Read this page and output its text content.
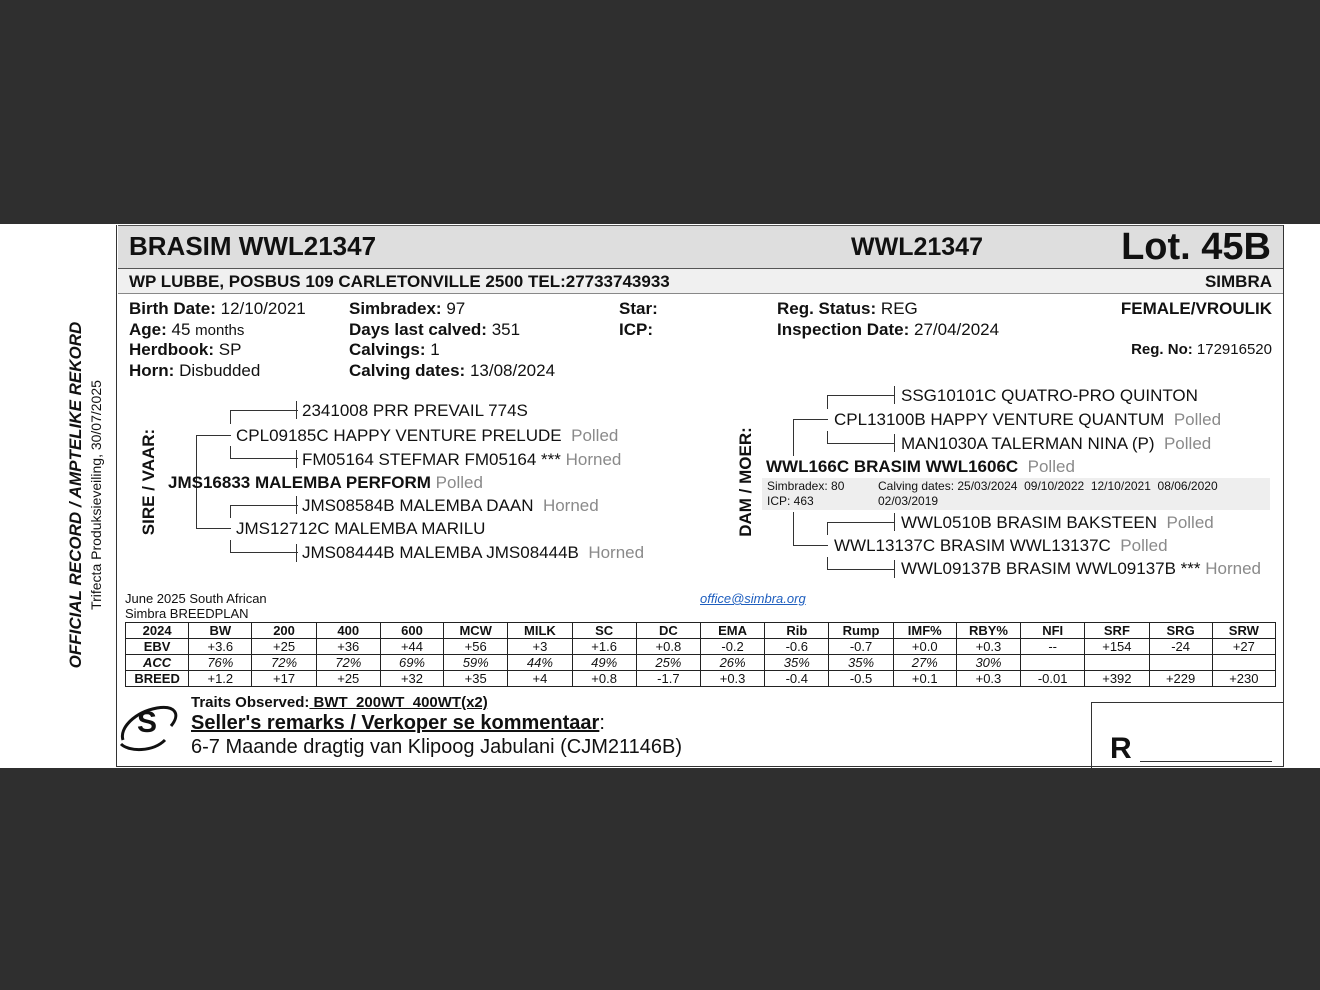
OFFICIAL RECORD / AMPTELIKE REKORD Trifecta Produksieveiling, 30/07/2025
BRASIM WWL21347	WWL21347	Lot. 45B
WP LUBBE, POSBUS 109 CARLETONVILLE 2500 TEL:27733743933	SIMBRA
Birth Date: 12/10/2021
Age: 45 months
Herdbook: SP
Horn: Disbudded
Simbradex: 97
Days last calved: 351
Calvings: 1
Calving dates: 13/08/2024
Star:
ICP:
Reg. Status: REG
Inspection Date: 27/04/2024
FEMALE/VROULIK
Reg. No: 172916520
SIRE / VAAR:
2341008 PRR PREVAIL 774S
CPL09185C HAPPY VENTURE PRELUDE Polled
FM05164 STEFMAR FM05164 *** Horned
JMS16833 MALEMBA PERFORM Polled
JMS08584B MALEMBA DAAN Horned
JMS12712C MALEMBA MARILU
JMS08444B MALEMBA JMS08444B Horned
DAM / MOER:
SSG10101C QUATRO-PRO QUINTON
CPL13100B HAPPY VENTURE QUANTUM Polled
MAN1030A TALERMAN NINA (P) Polled
WWL166C BRASIM WWL1606C Polled
Simbradex: 80
ICP: 463
Calving dates: 25/03/2024  09/10/2022  12/10/2021  08/06/2020
02/03/2019
WWL0510B BRASIM BAKSTEEN Polled
WWL13137C BRASIM WWL13137C Polled
WWL09137B BRASIM WWL09137B *** Horned
June 2025 South African
Simbra BREEDPLAN
office@simbra.org
2024	BW	200	400	600	MCW	MILK	SC	DC	EMA	Rib	Rump	IMF%	RBY%	NFI	SRF	SRG	SRW
EBV	+3.6	+25	+36	+44	+56	+3	+1.6	+0.8	-0.2	-0.6	-0.7	+0.0	+0.3	--	+154	-24	+27
ACC	76%	72%	72%	69%	59%	44%	49%	25%	26%	35%	35%	27%	30%				
BREED	+1.2	+17	+25	+32	+35	+4	+0.8	-1.7	+0.3	-0.4	-0.5	+0.1	+0.3	-0.01	+392	+229	+230
S
Traits Observed: BWT  200WT  400WT(x2)
Seller's remarks / Verkoper se kommentaar:
6-7 Maande dragtig van Klipoog Jabulani (CJM21146B)	R
